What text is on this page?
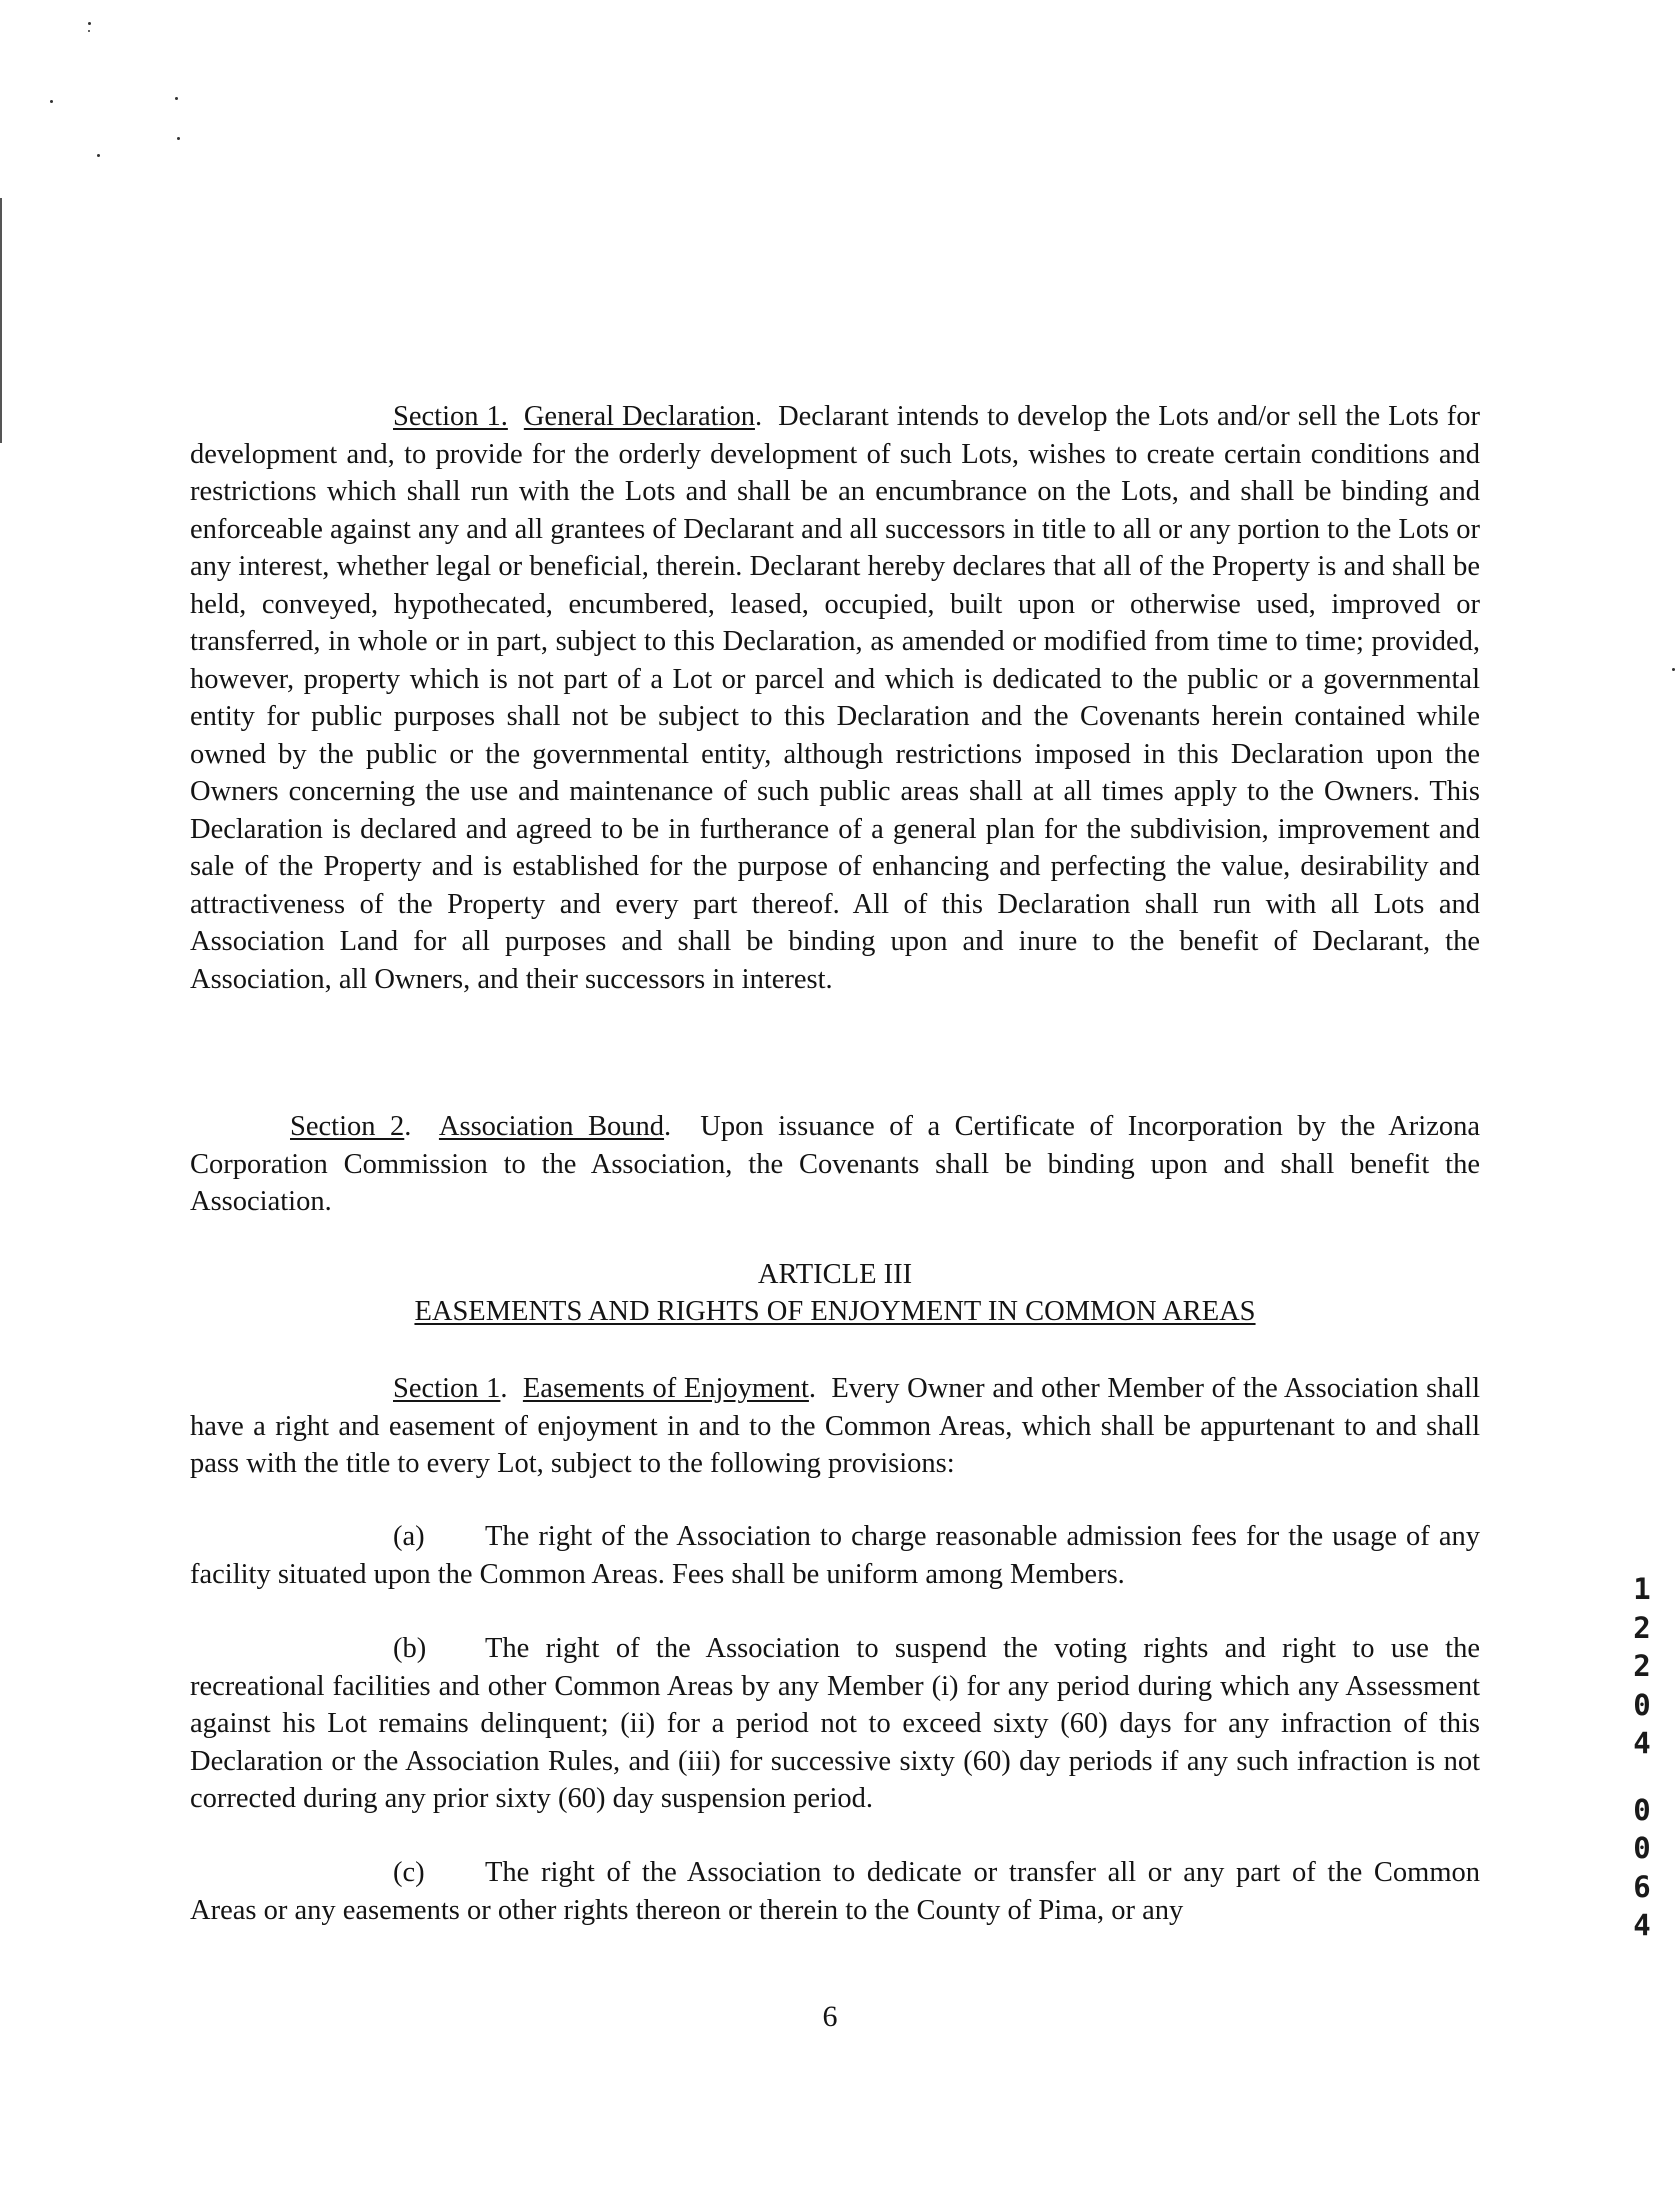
Section 1. General Declaration.  Declarant intends to develop the Lots and/or sell the Lots for development and, to provide for the orderly development of such Lots, wishes to create certain conditions and restrictions which shall run with the Lots and shall be an encumbrance on the Lots, and shall be binding and enforceable against any and all grantees of Declarant and all successors in title to all or any portion to the Lots or any interest, whether legal or beneficial, therein. Declarant hereby declares that all of the Property is and shall be held, conveyed, hypothecated, encumbered, leased, occupied, built upon or otherwise used, improved or transferred, in whole or in part, subject to this Declaration, as amended or modified from time to time; provided, however, property which is not part of a Lot or parcel and which is dedicated to the public or a governmental entity for public purposes shall not be subject to this Declaration and the Covenants herein contained while owned by the public or the governmental entity, although restrictions imposed in this Declaration upon the Owners concerning the use and maintenance of such public areas shall at all times apply to the Owners. This Declaration is declared and agreed to be in furtherance of a general plan for the subdivision, improvement and sale of the Property and is established for the purpose of enhancing and perfecting the value, desirability and attractiveness of the Property and every part thereof. All of this Declaration shall run with all Lots and Association Land for all purposes and shall be binding upon and inure to the benefit of Declarant, the Association, all Owners, and their successors in interest.

Section 2.  Association Bound.  Upon issuance of a Certificate of Incorporation by the Arizona Corporation Commission to the Association, the Covenants shall be binding upon and shall benefit the Association.

ARTICLE III
EASEMENTS AND RIGHTS OF ENJOYMENT IN COMMON AREAS

Section 1.  Easements of Enjoyment.  Every Owner and other Member of the Association shall have a right and easement of enjoyment in and to the Common Areas, which shall be appurtenant to and shall pass with the title to every Lot, subject to the following provisions:

(a) The right of the Association to charge reasonable admission fees for the usage of any facility situated upon the Common Areas. Fees shall be uniform among Members.

(b) The right of the Association to suspend the voting rights and right to use the recreational facilities and other Common Areas by any Member (i) for any period during which any Assessment against his Lot remains delinquent; (ii) for a period not to exceed sixty (60) days for any infraction of this Declaration or the Association Rules, and (iii) for successive sixty (60) day periods if any such infraction is not corrected during any prior sixty (60) day suspension period.

(c) The right of the Association to dedicate or transfer all or any part of the Common Areas or any easements or other rights thereon or therein to the County of Pima, or any

6
1
2
2
0
4
0
0
6
4
